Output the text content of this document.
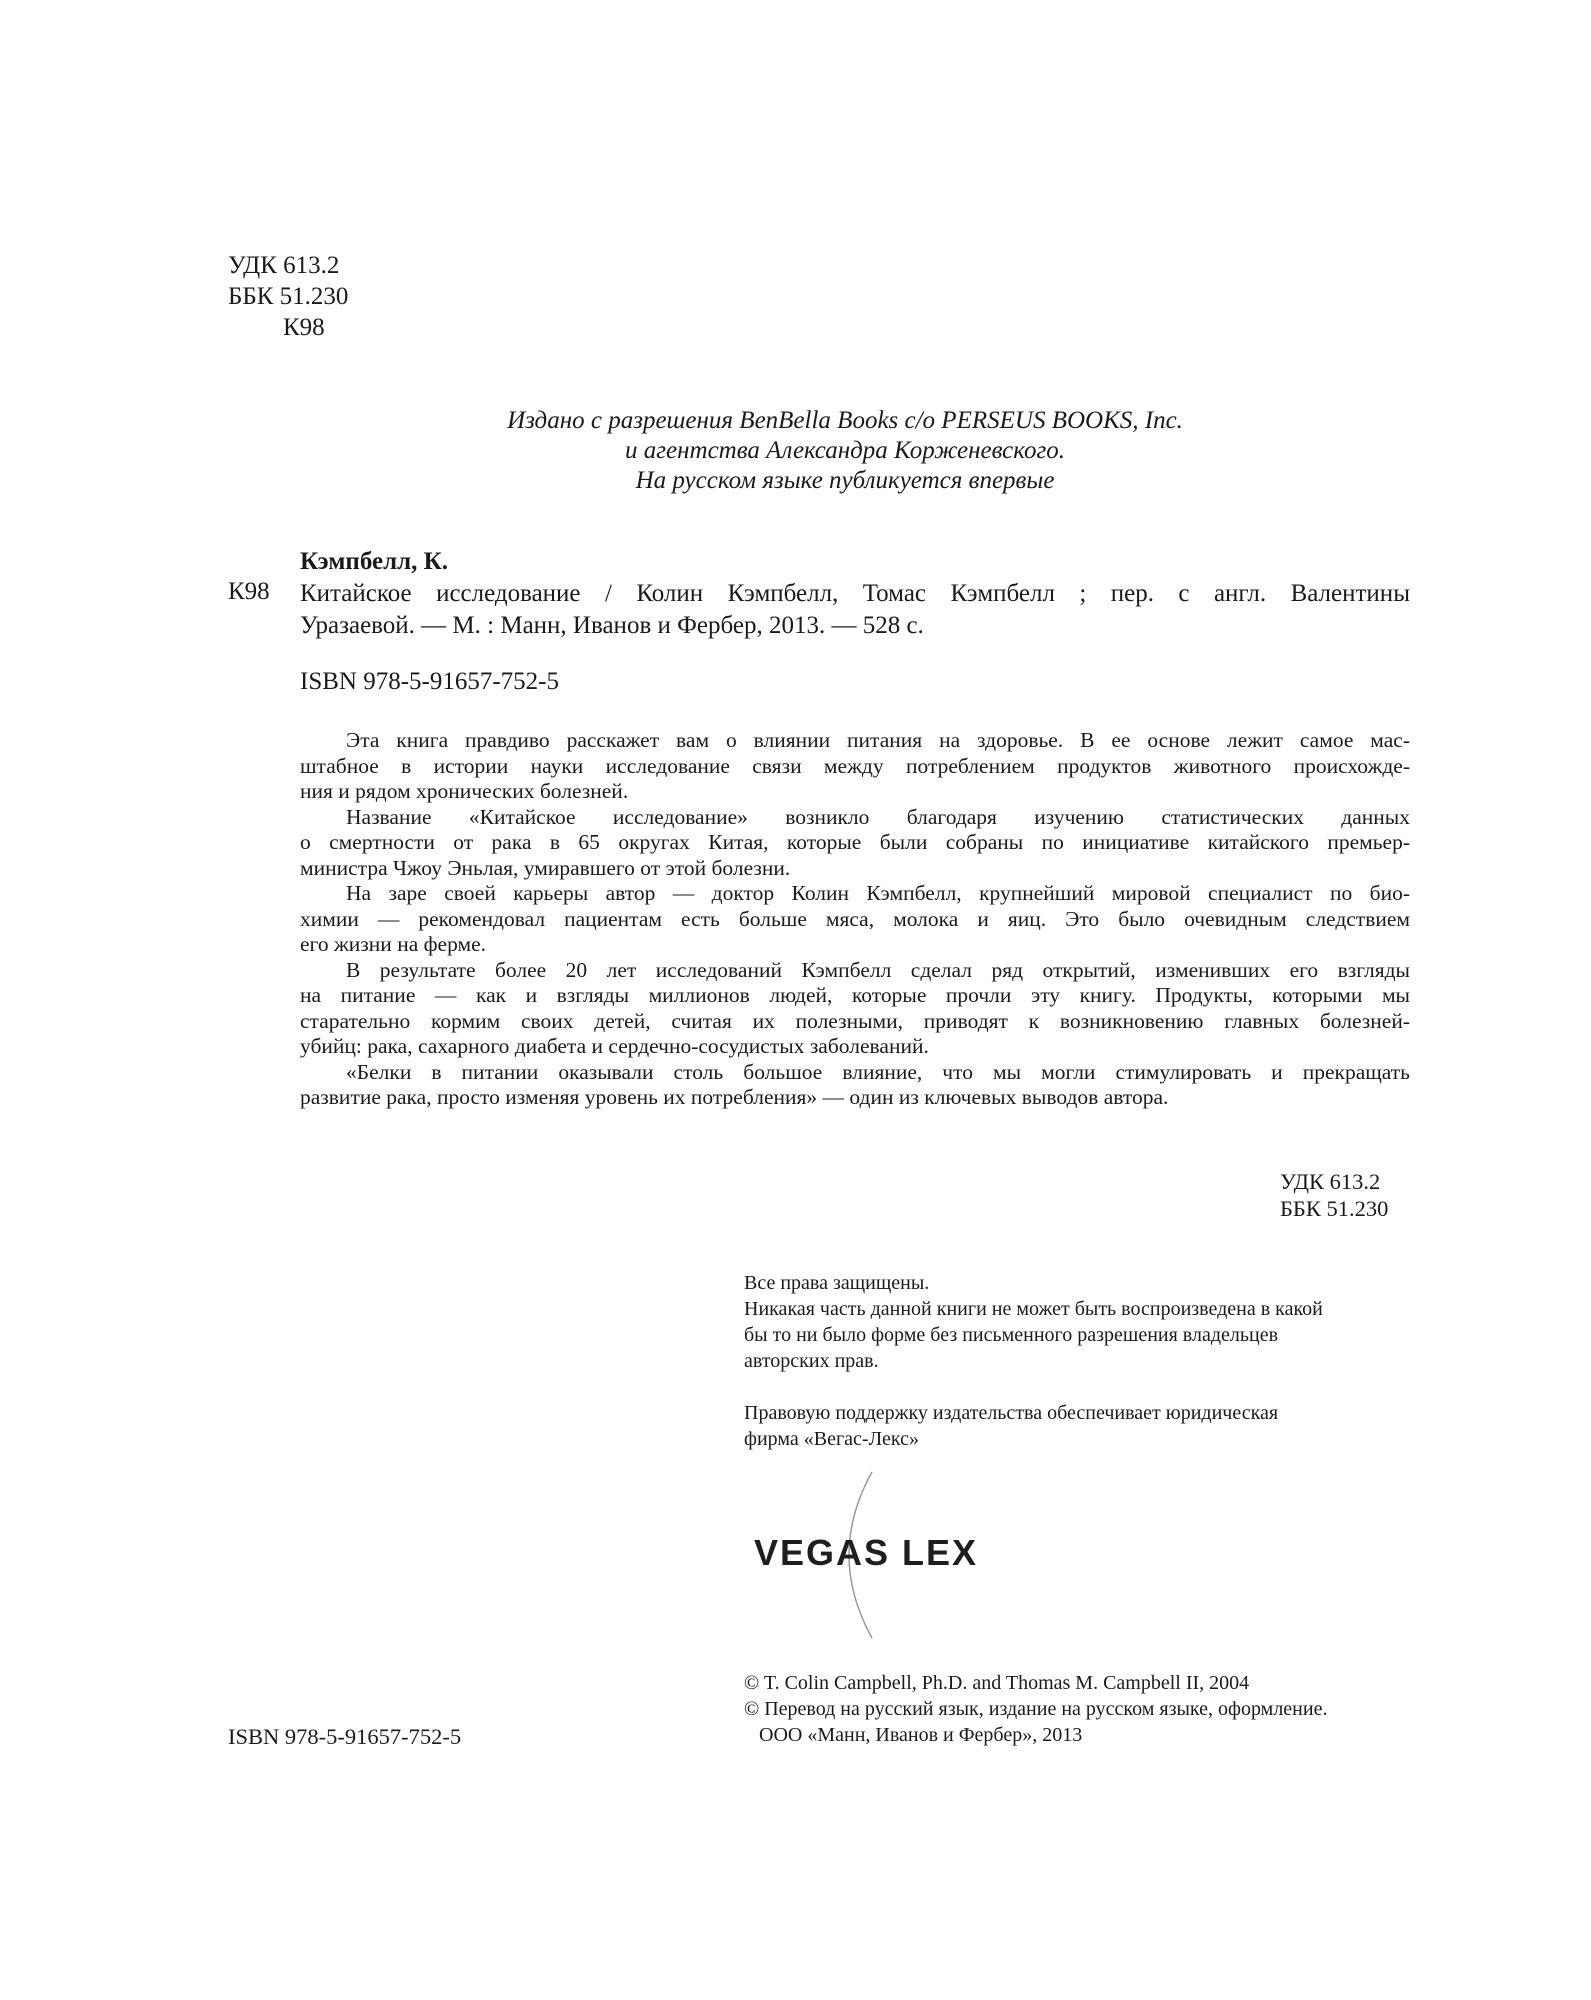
УДК 613.2
ББК 51.230
К98
Издано с разрешения BenBella Books c/o PERSEUS BOOKS, Inc.
и агентства Александра Корженевского.
На русском языке публикуется впервые
К98
Кэмпбелл, К.
Китайское исследование / Колин Кэмпбелл, Томас Кэмпбелл ; пер. с англ. Валентины
Уразаевой. — М. : Манн, Иванов и Фербер, 2013. — 528 с.
ISBN 978-5-91657-752-5
Эта книга правдиво расскажет вам о влиянии питания на здоровье. В ее основе лежит самое мас-
штабное в истории науки исследование связи между потреблением продуктов животного происхожде-
ния и рядом хронических болезней.
Название «Китайское исследование» возникло благодаря изучению статистических данных
о смертности от рака в 65 округах Китая, которые были собраны по инициативе китайского премьер-
министра Чжоу Эньлая, умиравшего от этой болезни.
На заре своей карьеры автор — доктор Колин Кэмпбелл, крупнейший мировой специалист по био-
химии — рекомендовал пациентам есть больше мяса, молока и яиц. Это было очевидным следствием
его жизни на ферме.
В результате более 20 лет исследований Кэмпбелл сделал ряд открытий, изменивших его взгляды
на питание — как и взгляды миллионов людей, которые прочли эту книгу. Продукты, которыми мы
старательно кормим своих детей, считая их полезными, приводят к возникновению главных болезней-
убийц: рака, сахарного диабета и сердечно-сосудистых заболеваний.
«Белки в питании оказывали столь большое влияние, что мы могли стимулировать и прекращать
развитие рака, просто изменяя уровень их потребления» — один из ключевых выводов автора.
УДК 613.2
ББК 51.230
Все права защищены.
Никакая часть данной книги не может быть воспроизведена в какой
бы то ни было форме без письменного разрешения владельцев
авторских прав.
Правовую поддержку издательства обеспечивает юридическая
фирма «Вегас-Лекс»
VEGAS LEX
© T. Colin Campbell, Ph.D. and Thomas M. Campbell II, 2004
© Перевод на русский язык, издание на русском языке, оформление.
ООО «Манн, Иванов и Фербер», 2013
ISBN 978-5-91657-752-5
